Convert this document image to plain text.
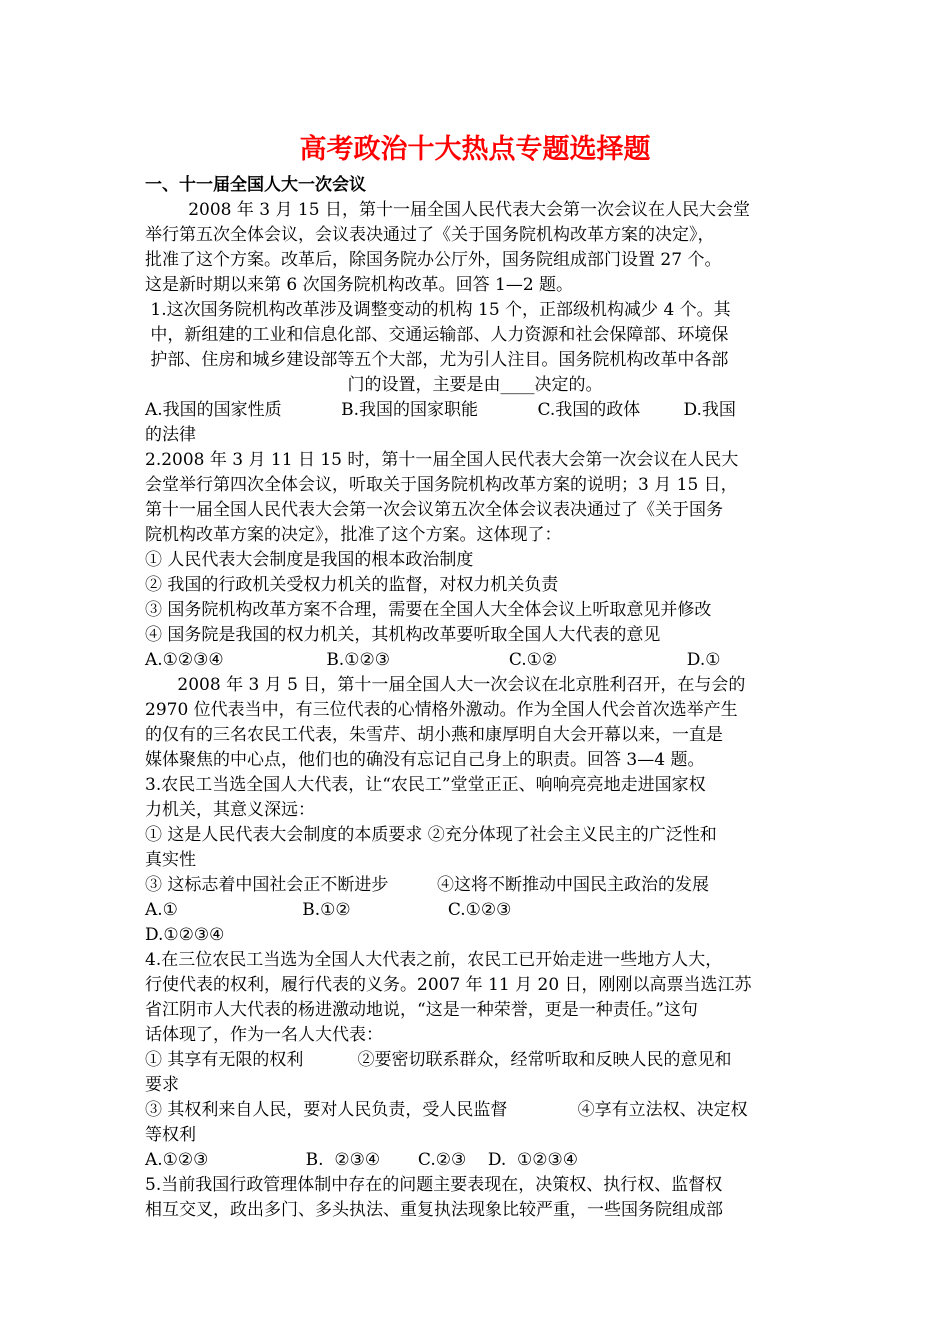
高考政治十大热点专题选择题
一、十一届全国人大一次会议
2008 年 3 月 15 日，第十一届全国人民代表大会第一次会议在人民大会堂
举行第五次全体会议，会议表决通过了《关于国务院机构改革方案的决定》，
批准了这个方案。改革后，除国务院办公厅外，国务院组成部门设置 27 个。
这是新时期以来第 6 次国务院机构改革。回答 1—2 题。
1.这次国务院机构改革涉及调整变动的机构 15 个，正部级机构减少 4 个。其
中，新组建的工业和信息化部、交通运输部、人力资源和社会保障部、环境保
护部、住房和城乡建设部等五个大部，尤为引人注目。国务院机构改革中各部
门的设置，主要是由____决定的。
A.我国的国家性质           B.我国的国家职能           C.我国的政体        D.我国
的法律
2.2008 年 3 月 11 日 15 时，第十一届全国人民代表大会第一次会议在人民大
会堂举行第四次全体会议，听取关于国务院机构改革方案的说明；3 月 15 日，
第十一届全国人民代表大会第一次会议第五次全体会议表决通过了《关于国务
院机构改革方案的决定》，批准了这个方案。这体现了：
① 人民代表大会制度是我国的根本政治制度
② 我国的行政机关受权力机关的监督，对权力机关负责
③ 国务院机构改革方案不合理，需要在全国人大全体会议上听取意见并修改
④ 国务院是我国的权力机关，其机构改革要听取全国人大代表的意见
A.①②③④                   B.①②③                      C.①②                        D.①
2008 年 3 月 5 日，第十一届全国人大一次会议在北京胜利召开，在与会的
2970 位代表当中，有三位代表的心情格外激动。作为全国人代会首次选举产生
的仅有的三名农民工代表，朱雪芹、胡小燕和康厚明自大会开幕以来，一直是
媒体聚焦的中心点，他们也的确没有忘记自己身上的职责。回答 3—4 题。
3.农民工当选全国人大代表，让“农民工”堂堂正正、响响亮亮地走进国家权
力机关，其意义深远：
① 这是人民代表大会制度的本质要求 ②充分体现了社会主义民主的广泛性和
真实性
③ 这标志着中国社会正不断进步         ④这将不断推动中国民主政治的发展
A.①                       B.①②                  C.①②③
D.①②③④
4.在三位农民工当选为全国人大代表之前，农民工已开始走进一些地方人大，
行使代表的权利，履行代表的义务。2007 年 11 月 20 日，刚刚以高票当选江苏
省江阴市人大代表的杨进激动地说，“这是一种荣誉，更是一种责任。”这句
话体现了，作为一名人大代表：
① 其享有无限的权利          ②要密切联系群众，经常听取和反映人民的意见和
要求
③ 其权利来自人民，要对人民负责，受人民监督             ④享有立法权、决定权
等权利
A.①②③                  B.  ②③④       C.②③    D.  ①②③④
5.当前我国行政管理体制中存在的问题主要表现在，决策权、执行权、监督权
相互交叉，政出多门、多头执法、重复执法现象比较严重，一些国务院组成部
